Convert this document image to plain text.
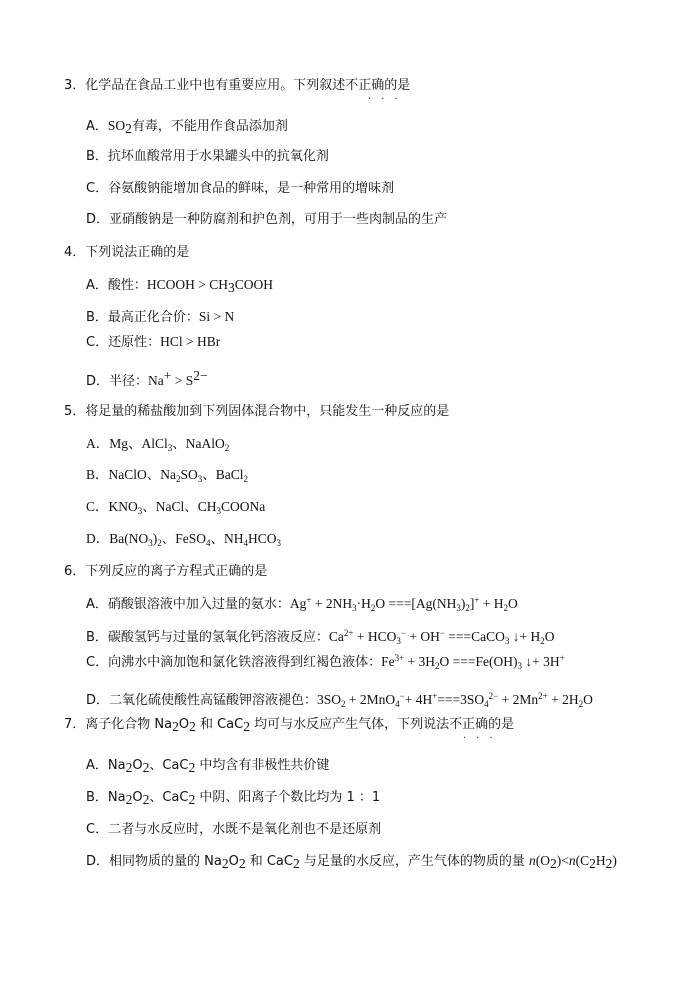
3．化学品在食品工业中也有重要应用。下列叙述不正确的是
···
A．$SO_2$有毒，不能用作食品添加剂
B．抗坏血酸常用于水果罐头中的抗氧化剂
C．谷氨酸钠能增加食品的鲜味，是一种常用的增味剂
D．亚硝酸钠是一种防腐剂和护色剂，可用于一些肉制品的生产
4．下列说法正确的是
A．酸性：HCOOH > $CH_3COOH$
B．最高正化合价：Si > N
C．还原性：HCl > HBr
D．半径：$Na^+ > S^{2-}$
5．将足量的稀盐酸加到下列固体混合物中，只能发生一种反应的是
A．Mg、AlCl$_3$、NaAlO$_2$
B．NaClO、$Na_2SO_3$、BaCl$_2$
C．$KNO_3$、NaCl、$CH_3COONa$
D．$Ba(NO_3)_2$、FeSO$_4$、$NH_4HCO_3$
6．下列反应的离子方程式正确的是
A．硝酸银溶液中加入过量的氨水：$Ag^+ + 2NH_3\cdot H_2O ===[Ag(NH_3)_2]^+ + H_2O$
B．碳酸氢钙与过量的氢氧化钙溶液反应：$Ca^{2+} + HCO_3^- + OH^-$ ===CaCO$_3$ ↓+ $H_2O$
C．向沸水中滴加饱和氯化铁溶液得到红褐色液体：$Fe^{3+} + 3H_2O ===Fe(OH)_3$ ↓+ 3H+
D．二氧化硫使酸性高锰酸钾溶液褪色：$3SO_2 + 2MnO_4^-+ 4H^+===3SO_4^{2-} + 2Mn^{2+} + 2H_2O$
7．离子化合物 $Na_2O_2$ 和 CaC$_2$ 均可与水反应产生气体，下列说法不正确的是
···
A．$Na_2O_2$、CaC$_2$ 中均含有非极性共价键
B．$Na_2O_2$、CaC$_2$ 中阴、阳离子个数比均为 1 ：1
C．二者与水反应时，水既不是氧化剂也不是还原剂
D．相同物质的量的 $Na_2O_2$ 和 CaC$_2$ 与足量的水反应，产生气体的物质的量 $n(O_2)<n(C_2H_2)$
